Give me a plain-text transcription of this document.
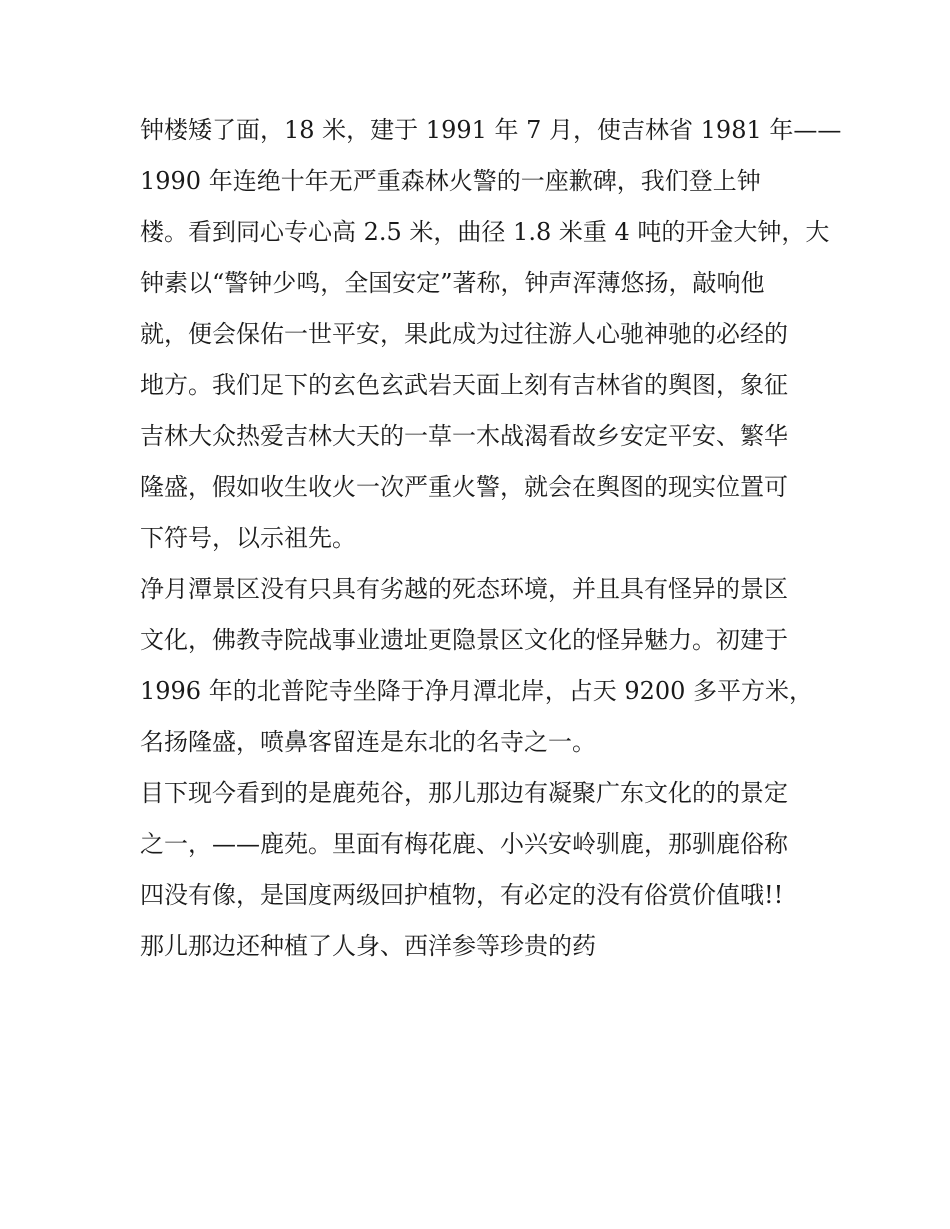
钟楼矮了面，18 米，建于 1991 年 7 月，使吉林省 1981 年——
1990 年连绝十年无严重森林火警的一座歉碑，我们登上钟
楼。看到同心专心高 2.5 米，曲径 1.8 米重 4 吨的开金大钟，大
钟素以“警钟少鸣，全国安定”著称，钟声浑薄悠扬，敲响他
就，便会保佑一世平安，果此成为过往游人心驰神驰的必经的
地方。我们足下的玄色玄武岩天面上刻有吉林省的舆图，象征
吉林大众热爱吉林大天的一草一木战渴看故乡安定平安、繁华
隆盛，假如收生收火一次严重火警，就会在舆图的现实位置可
下符号，以示祖先。
净月潭景区没有只具有劣越的死态环境，并且具有怪异的景区
文化，佛教寺院战事业遗址更隐景区文化的怪异魅力。初建于
1996 年的北普陀寺坐降于净月潭北岸，占天 9200 多平方米，
名扬隆盛，喷鼻客留连是东北的名寺之一。
目下现今看到的是鹿苑谷，那儿那边有凝聚广东文化的的景定
之一，——鹿苑。里面有梅花鹿、小兴安岭驯鹿，那驯鹿俗称
四没有像，是国度两级回护植物，有必定的没有俗赏价值哦!!
那儿那边还种植了人身、西洋参等珍贵的药
